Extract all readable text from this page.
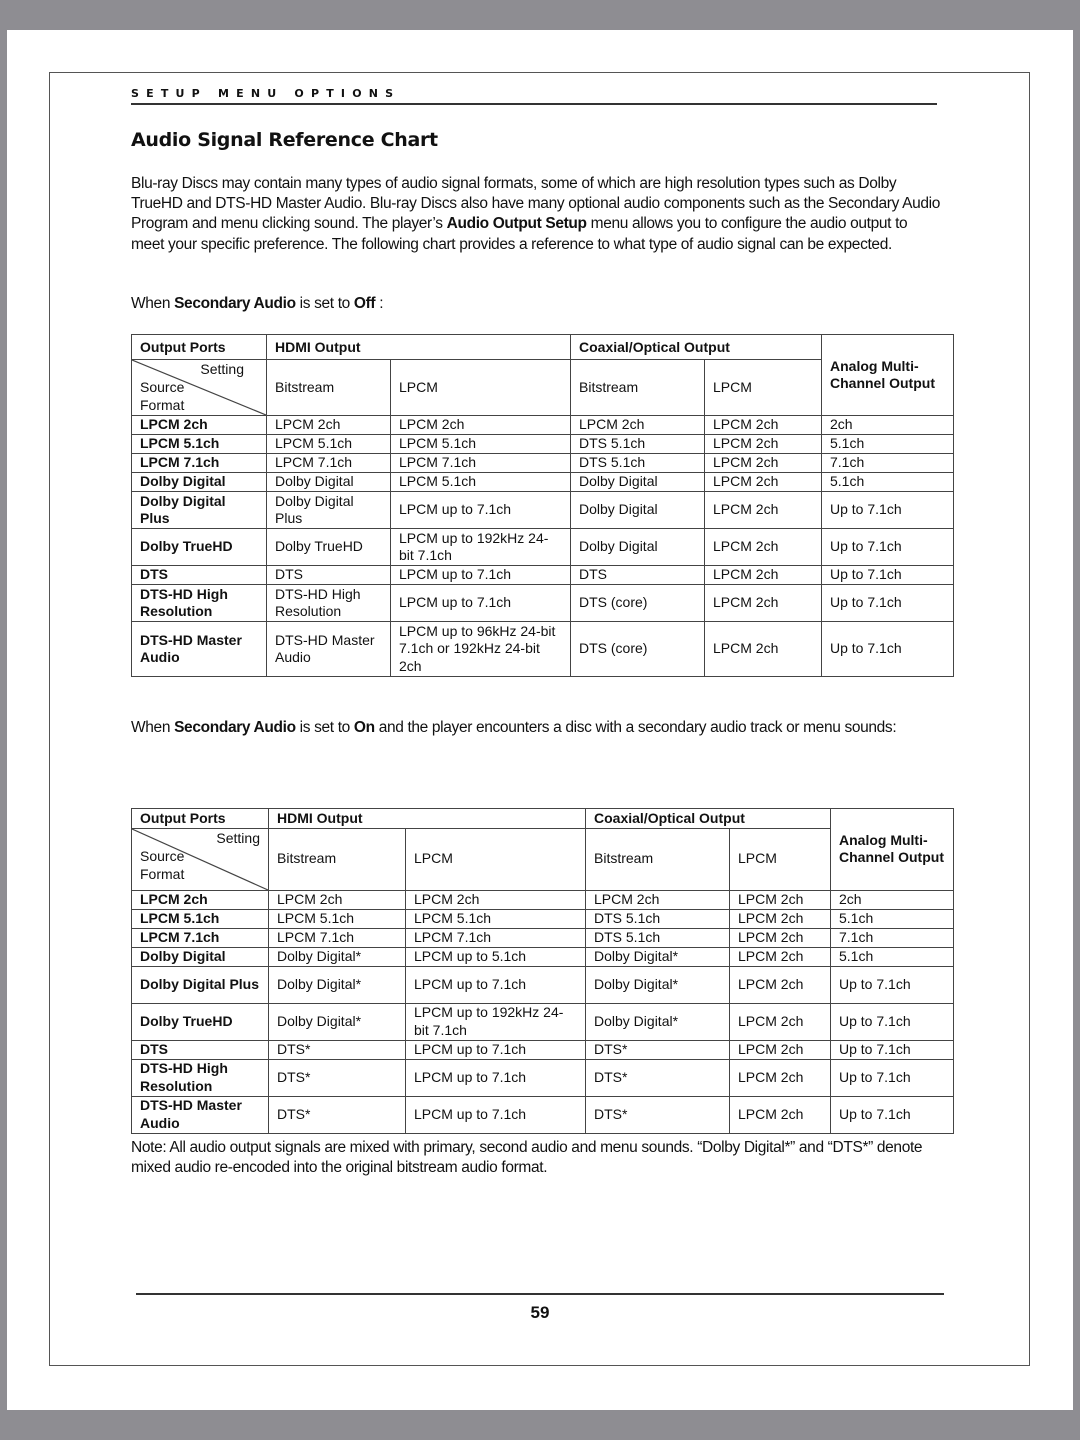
SETUP MENU OPTIONS
Audio Signal Reference Chart
Blu-ray Discs may contain many types of audio signal formats, some of which are high resolution types such as Dolby TrueHD and DTS-HD Master Audio. Blu-ray Discs also have many optional audio components such as the Secondary Audio Program and menu clicking sound. The player’s Audio Output Setup menu allows you to configure the audio output to meet your specific preference. The following chart provides a reference to what type of audio signal can be expected.
When Secondary Audio is set to Off :
Output Ports	HDMI Output		Coaxial/Optical Output		Analog Multi-Channel Output

Setting
Source
Format	Bitstream	LPCM	Bitstream	LPCM	
LPCM 2ch	LPCM 2ch	LPCM 2ch	LPCM 2ch	LPCM 2ch	2ch
LPCM 5.1ch	LPCM 5.1ch	LPCM 5.1ch	DTS 5.1ch	LPCM 2ch	5.1ch
LPCM 7.1ch	LPCM 7.1ch	LPCM 7.1ch	DTS 5.1ch	LPCM 2ch	7.1ch
Dolby Digital	Dolby Digital	LPCM 5.1ch	Dolby Digital	LPCM 2ch	5.1ch
Dolby Digital Plus	Dolby Digital Plus	LPCM up to 7.1ch	Dolby Digital	LPCM 2ch	Up to 7.1ch
Dolby TrueHD	Dolby TrueHD	LPCM up to 192kHz 24-bit 7.1ch	Dolby Digital	LPCM 2ch	Up to 7.1ch
DTS	DTS	LPCM up to 7.1ch	DTS	LPCM 2ch	Up to 7.1ch
DTS-HD High Resolution	DTS-HD High Resolution	LPCM up to 7.1ch	DTS (core)	LPCM 2ch	Up to 7.1ch
DTS-HD Master Audio	DTS-HD Master Audio	LPCM up to 96kHz 24-bit 7.1ch or 192kHz 24-bit 2ch	DTS (core)	LPCM 2ch	Up to 7.1ch
When Secondary Audio is set to On and the player encounters a disc with a secondary audio track or menu sounds:
Output Ports	HDMI Output		Coaxial/Optical Output		Analog Multi-Channel Output

Setting
Source
Format	Bitstream	LPCM	Bitstream	LPCM	
LPCM 2ch	LPCM 2ch	LPCM 2ch	LPCM 2ch	LPCM 2ch	2ch
LPCM 5.1ch	LPCM 5.1ch	LPCM 5.1ch	DTS 5.1ch	LPCM 2ch	5.1ch
LPCM 7.1ch	LPCM 7.1ch	LPCM 7.1ch	DTS 5.1ch	LPCM 2ch	7.1ch
Dolby Digital	Dolby Digital*	LPCM up to 5.1ch	Dolby Digital*	LPCM 2ch	5.1ch
Dolby Digital Plus	Dolby Digital*	LPCM up to 7.1ch	Dolby Digital*	LPCM 2ch	Up to 7.1ch
Dolby TrueHD	Dolby Digital*	LPCM up to 192kHz 24-bit 7.1ch	Dolby Digital*	LPCM 2ch	Up to 7.1ch
DTS	DTS*	LPCM up to 7.1ch	DTS*	LPCM 2ch	Up to 7.1ch
DTS-HD High Resolution	DTS*	LPCM up to 7.1ch	DTS*	LPCM 2ch	Up to 7.1ch
DTS-HD Master Audio	DTS*	LPCM up to 7.1ch	DTS*	LPCM 2ch	Up to 7.1ch
Note: All audio output signals are mixed with primary, second audio and menu sounds. “Dolby Digital*” and “DTS*” denote mixed audio re-encoded into the original bitstream audio format.
59
